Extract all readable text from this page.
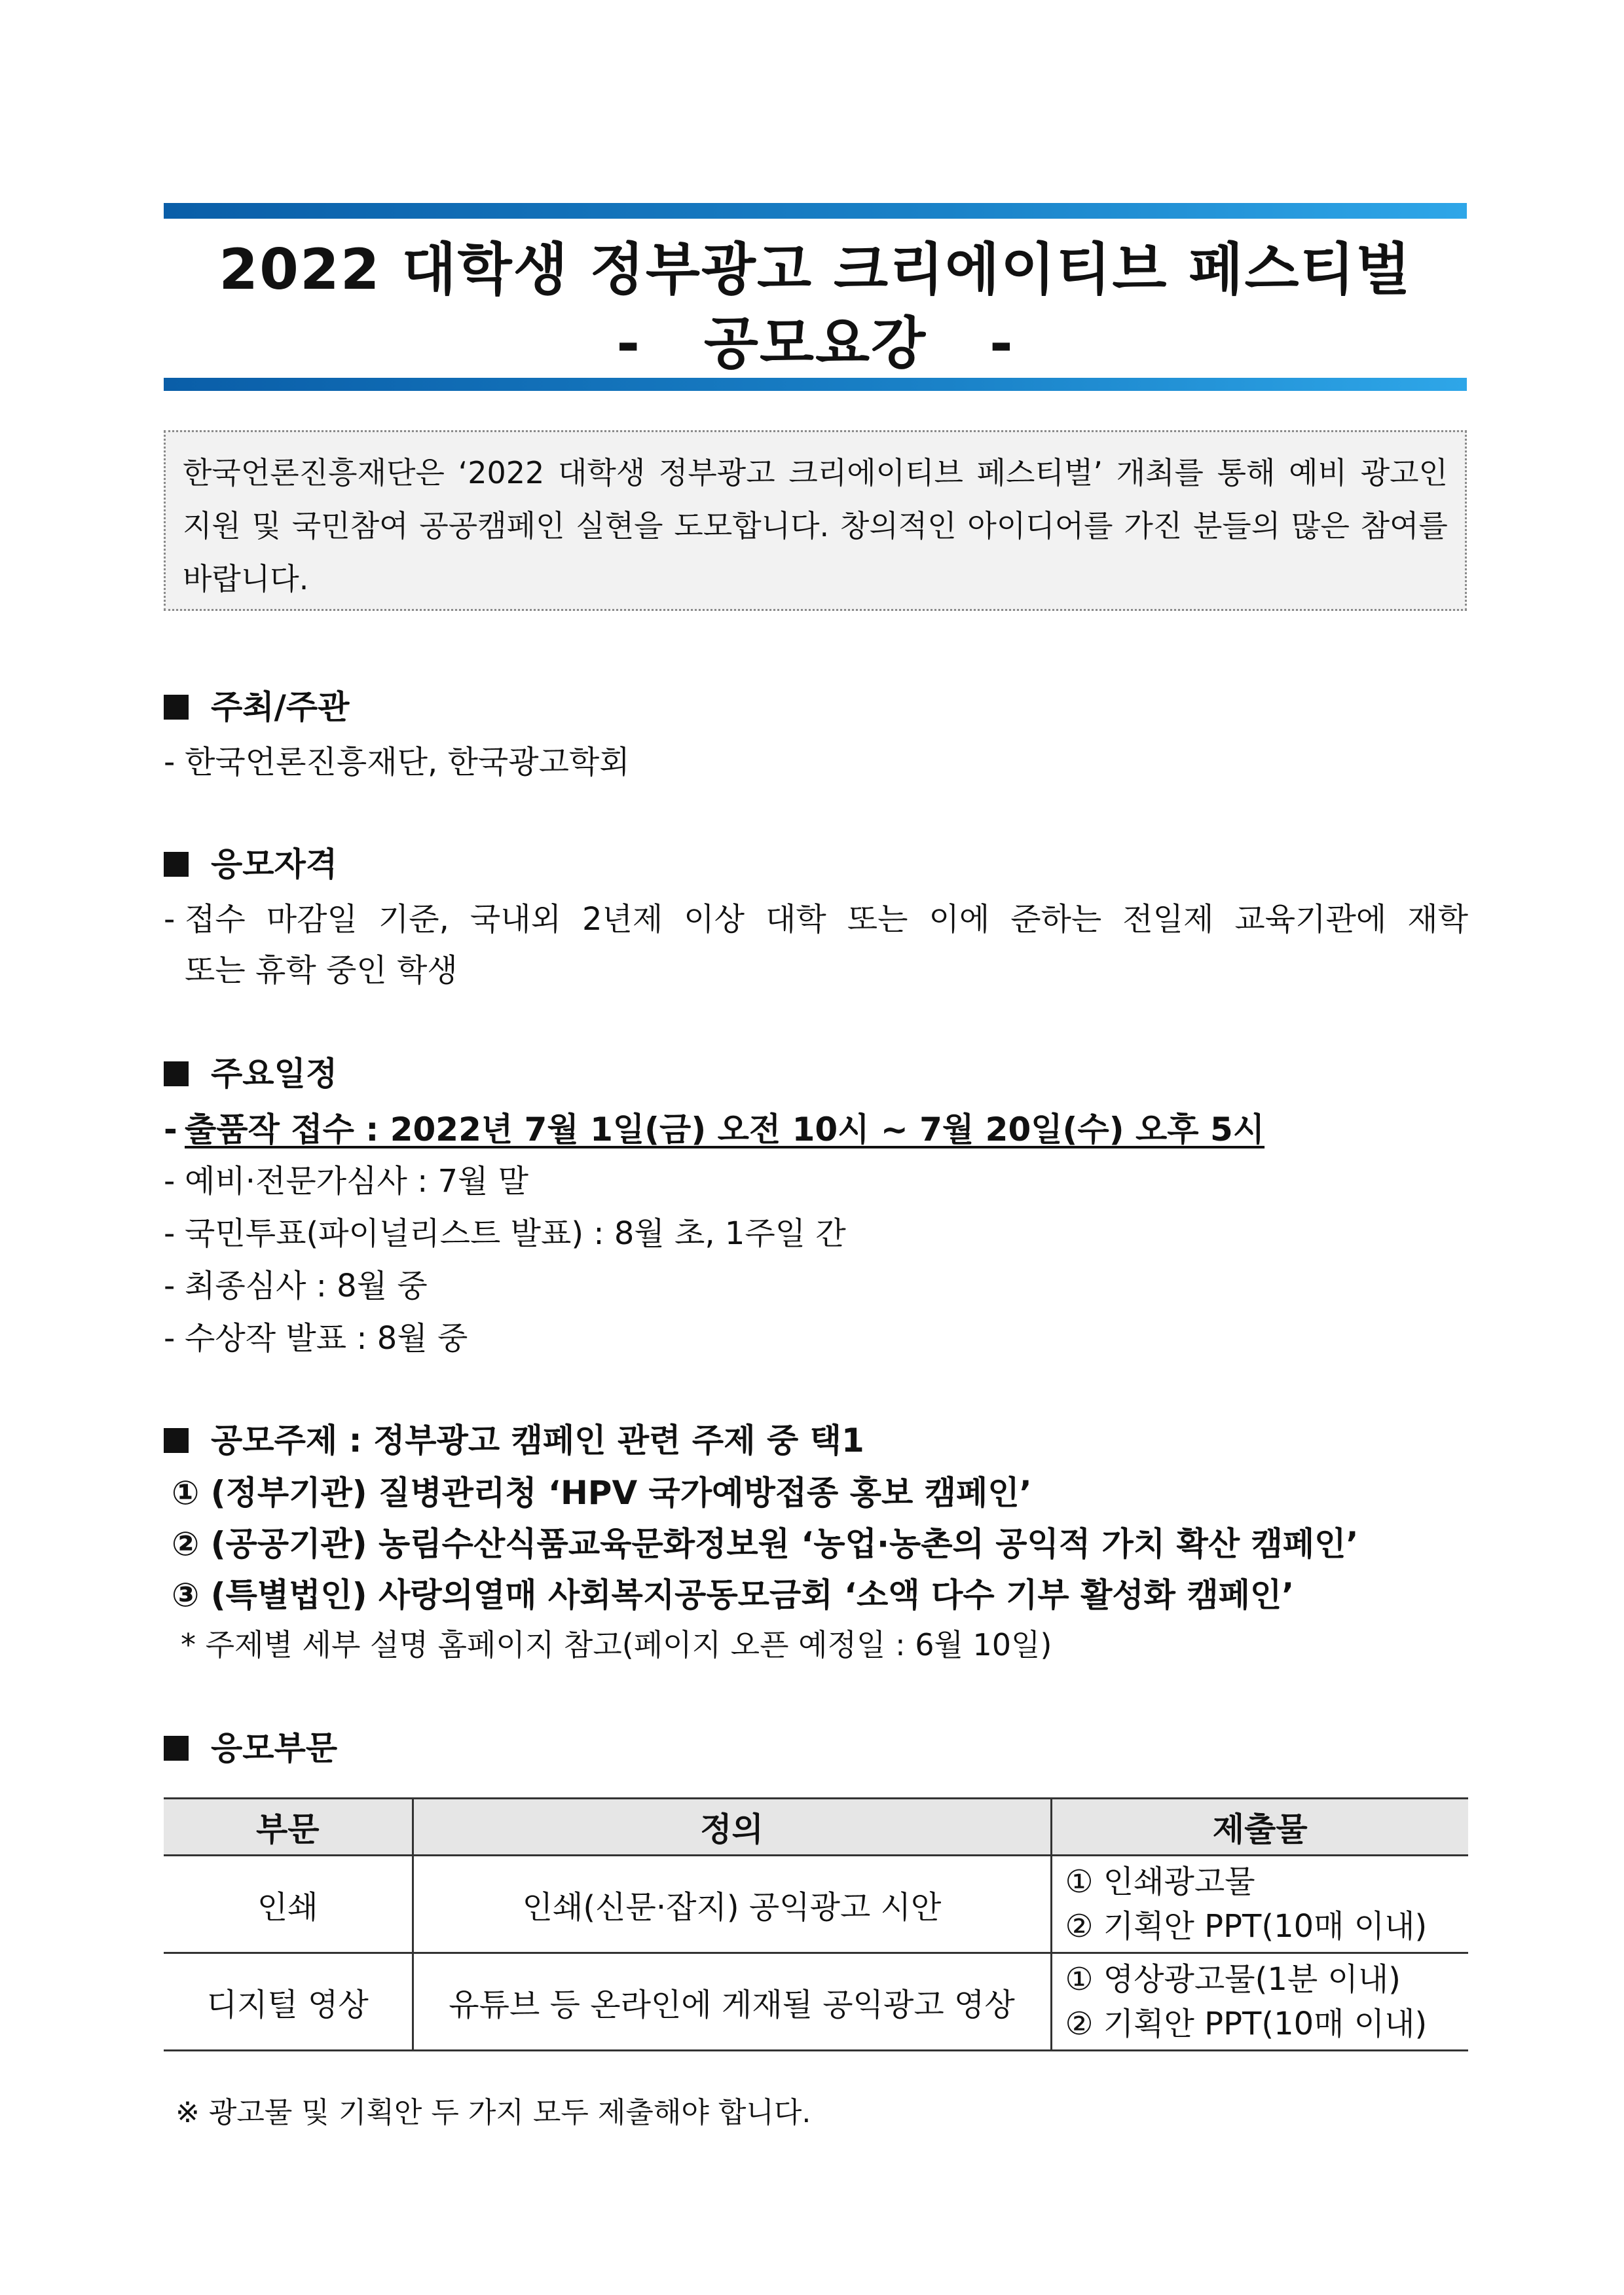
2022 대학생 정부광고 크리에이티브 페스티벌
-   공모요강   -
한국언론진흥재단은 ‘2022 대학생 정부광고 크리에이티브 페스티벌’ 개최를 통해 예비 광고인 지원 및 국민참여 공공캠페인 실현을 도모합니다. 창의적인 아이디어를 가진 분들의 많은 참여를 바랍니다.
주최/주관
- 한국언론진흥재단, 한국광고학회
응모자격
- 접수 마감일 기준, 국내외 2년제 이상 대학 또는 이에 준하는 전일제 교육기관에 재학
또는 휴학 중인 학생
주요일정
- 출품작 접수 : 2022년 7월 1일(금) 오전 10시 ~ 7월 20일(수) 오후 5시
- 예비·전문가심사 : 7월 말
- 국민투표(파이널리스트 발표) : 8월 초, 1주일 간
- 최종심사 : 8월 중
- 수상작 발표 : 8월 중
공모주제 : 정부광고 캠페인 관련 주제 중 택1
① (정부기관) 질병관리청 ‘HPV 국가예방접종 홍보 캠페인’
② (공공기관) 농림수산식품교육문화정보원 ‘농업·농촌의 공익적 가치 확산 캠페인’
③ (특별법인) 사랑의열매 사회복지공동모금회 ‘소액 다수 기부 활성화 캠페인’
* 주제별 세부 설명 홈페이지 참고(페이지 오픈 예정일 : 6월 10일)
응모부문
부문	정의	제출물
인쇄	인쇄(신문·잡지) 공익광고 시안	① 인쇄광고물
② 기획안 PPT(10매 이내)

디지털 영상	유튜브 등 온라인에 게재될 공익광고 영상	① 영상광고물(1분 이내)
② 기획안 PPT(10매 이내)
※ 광고물 및 기획안 두 가지 모두 제출해야 합니다.
